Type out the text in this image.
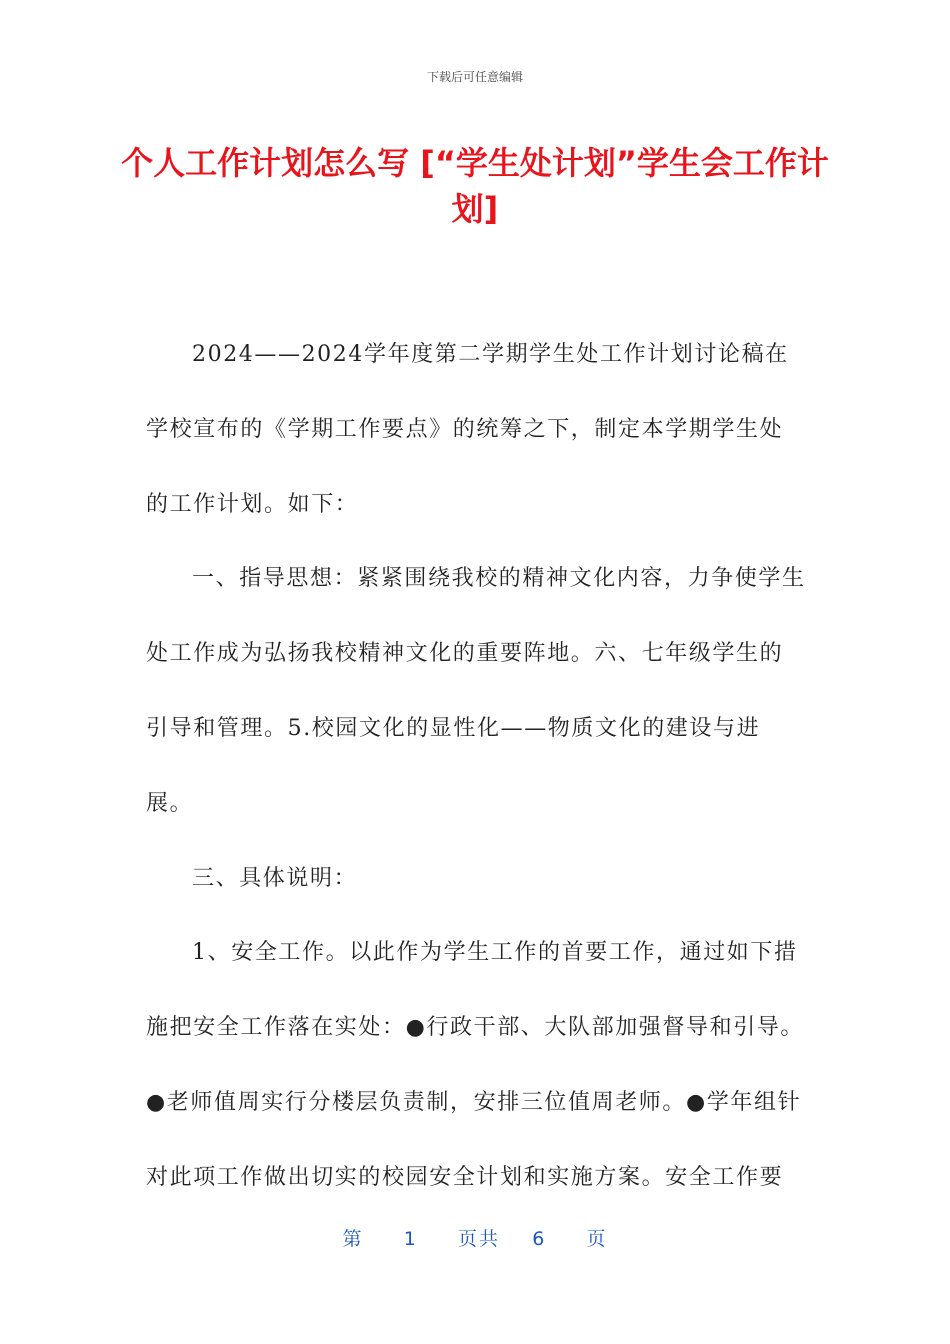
下载后可任意编辑
个人工作计划怎么写 [“学生处计划”学生会工作计划]

2024——2024学年度第二学期学生处工作计划讨论稿在学校宣布的《学期工作要点》的统筹之下，制定本学期学生处的工作计划。如下：

一、指导思想：紧紧围绕我校的精神文化内容，力争使学生处工作成为弘扬我校精神文化的重要阵地。六、七年级学生的引导和管理。5.校园文化的显性化——物质文化的建设与进展。

三、具体说明：

1、安全工作。以此作为学生工作的首要工作，通过如下措施把安全工作落在实处：●行政干部、大队部加强督导和引导。●老师值周实行分楼层负责制，安排三位值周老师。●学年组针对此项工作做出切实的校园安全计划和实施方案。安全工作要

第 1 页共 6 页
